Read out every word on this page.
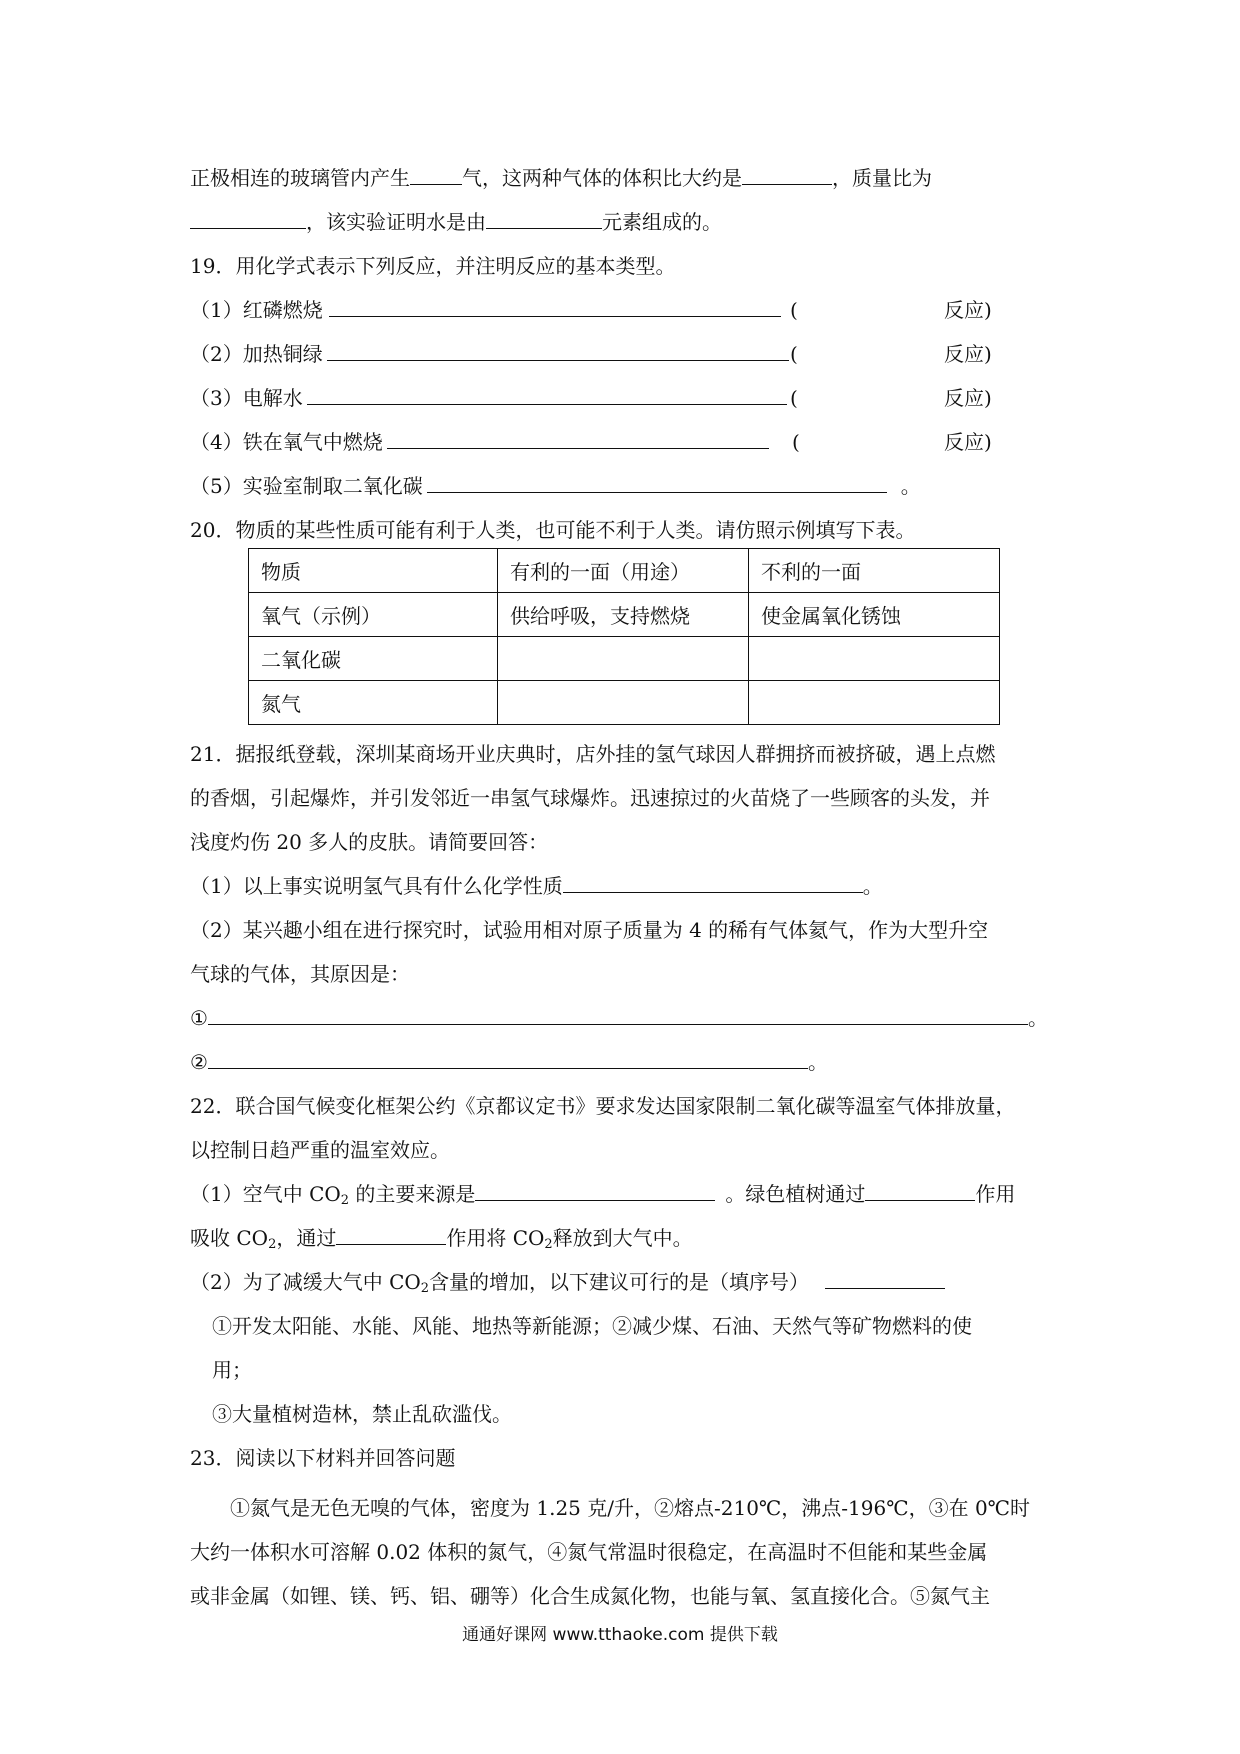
正极相连的玻璃管内产生	气，这两种气体的体积比大约是	，质量比为
，该实验证明水是由	元素组成的。
19．用化学式表示下列反应，并注明反应的基本类型。
（1）红磷燃烧	(	反应)
（2）加热铜绿	(	反应)
（3）电解水	(	反应)
（4）铁在氧气中燃烧	(	反应)
（5）实验室制取二氧化碳	。
20．物质的某些性质可能有利于人类，也可能不利于人类。请仿照示例填写下表。
物质	有利的一面（用途）	不利的一面
氧气（示例）	供给呼吸，支持燃烧	使金属氧化锈蚀
二氧化碳		
氮气		
21．据报纸登载，深圳某商场开业庆典时，店外挂的氢气球因人群拥挤而被挤破，遇上点燃
的香烟，引起爆炸，并引发邻近一串氢气球爆炸。迅速掠过的火苗烧了一些顾客的头发，并
浅度灼伤 20 多人的皮肤。请简要回答：
（1）以上事实说明氢气具有什么化学性质	。
（2）某兴趣小组在进行探究时，试验用相对原子质量为 4 的稀有气体氦气，作为大型升空
气球的气体，其原因是：
①	。
②	。
22．联合国气候变化框架公约《京都议定书》要求发达国家限制二氧化碳等温室气体排放量，
以控制日趋严重的温室效应。
（1）空气中 $CO_2$ 的主要来源是	。绿色植树通过	作用
吸收 $CO_2$，通过	作用将 $CO_2$释放到大气中。
（2）为了减缓大气中 $CO_2$含量的增加，以下建议可行的是（填序号）
①开发太阳能、水能、风能、地热等新能源；②减少煤、石油、天然气等矿物燃料的使
用；
③大量植树造林，禁止乱砍滥伐。
23．阅读以下材料并回答问题
①氮气是无色无嗅的气体，密度为 1.25 克/升，②熔点-210℃，沸点-196℃，③在 0℃时
大约一体积水可溶解 0.02 体积的氮气，④氮气常温时很稳定，在高温时不但能和某些金属
或非金属（如锂、镁、钙、铝、硼等）化合生成氮化物，也能与氧、氢直接化合。⑤氮气主
通通好课网 www.tthaoke.com 提供下载
